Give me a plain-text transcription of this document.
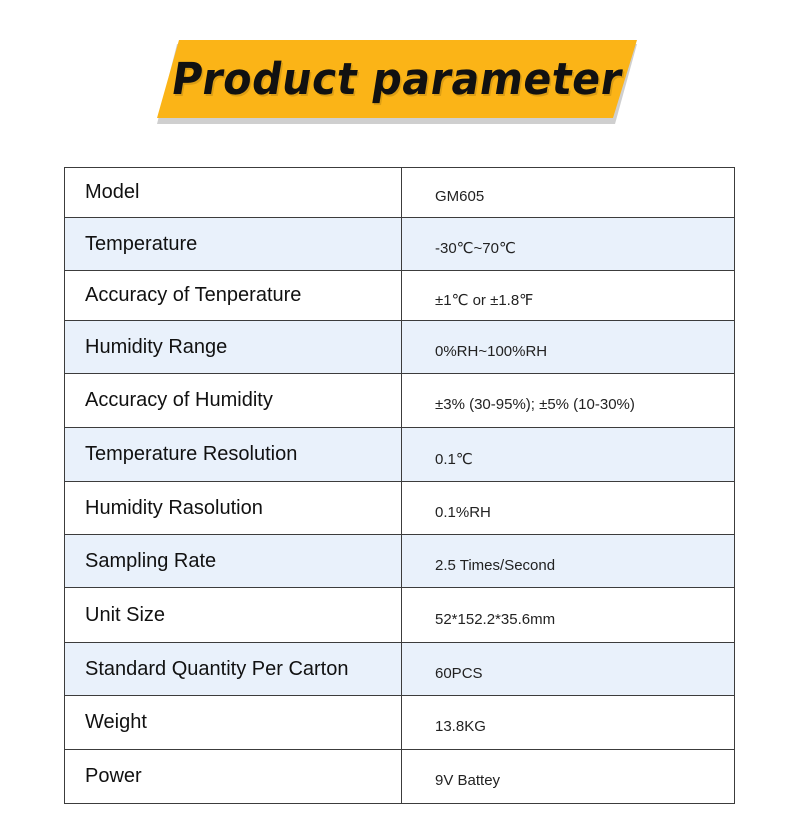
Product parameter
Model	GM605
Temperature	-30℃~70℃
Accuracy of Tenperature	±1℃ or ±1.8℉
Humidity Range	0%RH~100%RH
Accuracy of Humidity	±3% (30-95%); ±5% (10-30%)
Temperature Resolution	0.1℃
Humidity Rasolution	0.1%RH
Sampling Rate	2.5 Times/Second
Unit Size	52*152.2*35.6mm
Standard Quantity Per Carton	60PCS
Weight	13.8KG
Power	9V Battey
